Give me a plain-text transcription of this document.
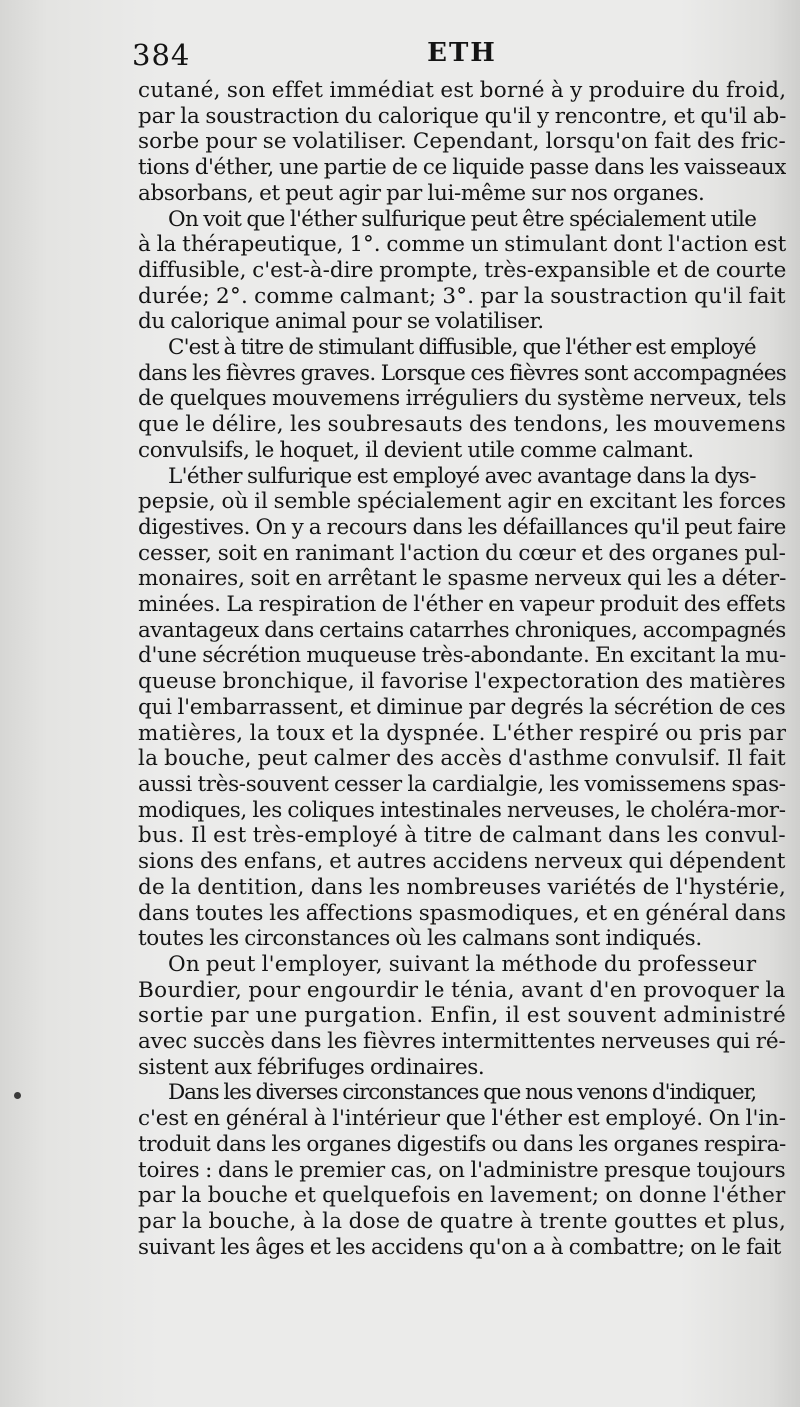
384	ETH

cutané, son effet immédiat est borné à y produire du froid,
par la soustraction du calorique qu'il y rencontre, et qu'il ab-
sorbe pour se volatiliser. Cependant, lorsqu'on fait des fric-
tions d'éther, une partie de ce liquide passe dans les vaisseaux
absorbans, et peut agir par lui-même sur nos organes.

On voit que l'éther sulfurique peut être spécialement utile
à la thérapeutique, 1°. comme un stimulant dont l'action est
diffusible, c'est-à-dire prompte, très-expansible et de courte
durée; 2°. comme calmant; 3°. par la soustraction qu'il fait
du calorique animal pour se volatiliser.

C'est à titre de stimulant diffusible, que l'éther est employé
dans les fièvres graves. Lorsque ces fièvres sont accompagnées
de quelques mouvemens irréguliers du système nerveux, tels
que le délire, les soubresauts des tendons, les mouvemens
convulsifs, le hoquet, il devient utile comme calmant.

L'éther sulfurique est employé avec avantage dans la dys-
pepsie, où il semble spécialement agir en excitant les forces
digestives. On y a recours dans les défaillances qu'il peut faire
cesser, soit en ranimant l'action du cœur et des organes pul-
monaires, soit en arrêtant le spasme nerveux qui les a déter-
minées. La respiration de l'éther en vapeur produit des effets
avantageux dans certains catarrhes chroniques, accompagnés
d'une sécrétion muqueuse très-abondante. En excitant la mu-
queuse bronchique, il favorise l'expectoration des matières
qui l'embarrassent, et diminue par degrés la sécrétion de ces
matières, la toux et la dyspnée. L'éther respiré ou pris par
la bouche, peut calmer des accès d'asthme convulsif. Il fait
aussi très-souvent cesser la cardialgie, les vomissemens spas-
modiques, les coliques intestinales nerveuses, le choléra-mor-
bus. Il est très-employé à titre de calmant dans les convul-
sions des enfans, et autres accidens nerveux qui dépendent
de la dentition, dans les nombreuses variétés de l'hystérie,
dans toutes les affections spasmodiques, et en général dans
toutes les circonstances où les calmans sont indiqués.

On peut l'employer, suivant la méthode du professeur
Bourdier, pour engourdir le ténia, avant d'en provoquer la
sortie par une purgation. Enfin, il est souvent administré
avec succès dans les fièvres intermittentes nerveuses qui ré-
sistent aux fébrifuges ordinaires.

Dans les diverses circonstances que nous venons d'indiquer,
c'est en général à l'intérieur que l'éther est employé. On l'in-
troduit dans les organes digestifs ou dans les organes respira-
toires : dans le premier cas, on l'administre presque toujours
par la bouche et quelquefois en lavement; on donne l'éther
par la bouche, à la dose de quatre à trente gouttes et plus,
suivant les âges et les accidens qu'on a à combattre; on le fait
